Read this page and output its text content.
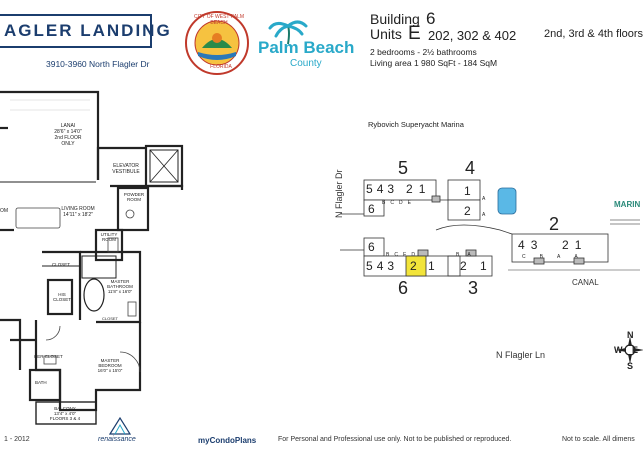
AGLER LANDING
3910-3960 North Flagler Dr
CITY OF WEST PALM BEACH
FLORIDA
Palm Beach
County
Building 6
Units E 202, 302 & 402	2nd, 3rd & 4th floors
2 bedrooms - 2½ bathrooms
Living area 1 980 SqFt - 184 SqM
LANAI
28'6" x 14'0"
2nd FLOOR ONLY
ELEVATOR
VESTIBULE
POWDER
ROOM
LIVING ROOM
14'11" x 18'2"
UTILITY
ROOM
CLOSET
HIS
CLOSET
MASTER
BATHROOM
11'8" x 16'0"
CLOSET
HER CLOSET
MASTER
BEDROOM
16'0" x 15'0"
BATH
BALCONY
13'4" x 4'0"
FLOORS 3 & 4
OM
Rybovich Superyacht Marina
N Flagler Dr
N Flagler Ln
CANAL
MARIN
5	4
2
6	3
543 21
6
1
2
6
543 2 1 2 1
43 21
BCDE
A
A
BCED	BA	CBAA
N
W E
S
1 - 2012	renaissance	myCondoPlans	For Personal and Professional use only. Not to be published or reproduced.	Not to scale. All dimens
